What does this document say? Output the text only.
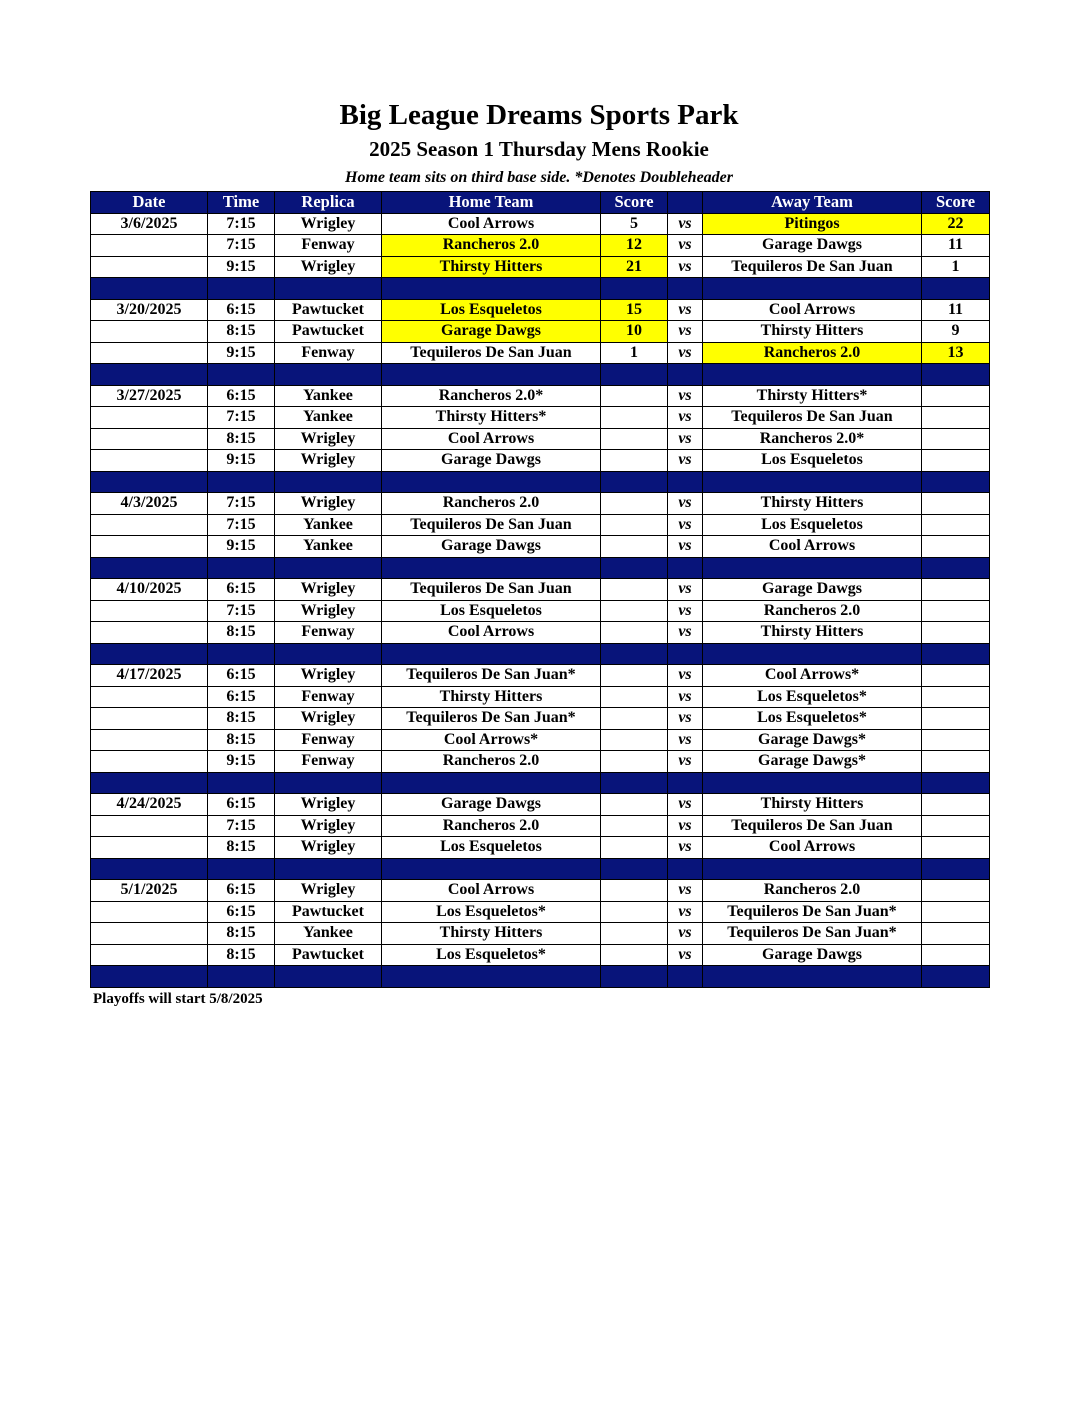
Big League Dreams Sports Park
2025 Season 1 Thursday Mens Rookie
Home team sits on third base side. *Denotes Doubleheader
Date	Time	Replica	Home Team	Score		Away Team	Score
3/6/2025	7:15	Wrigley	Cool Arrows	5	vs	Pitingos	22
	7:15	Fenway	Rancheros 2.0	12	vs	Garage Dawgs	11
	9:15	Wrigley	Thirsty Hitters	21	vs	Tequileros De San Juan	1

3/20/2025	6:15	Pawtucket	Los Esqueletos	15	vs	Cool Arrows	11
	8:15	Pawtucket	Garage Dawgs	10	vs	Thirsty Hitters	9
	9:15	Fenway	Tequileros De San Juan	1	vs	Rancheros 2.0	13

3/27/2025	6:15	Yankee	Rancheros 2.0*		vs	Thirsty Hitters*	
	7:15	Yankee	Thirsty Hitters*		vs	Tequileros De San Juan	
	8:15	Wrigley	Cool Arrows		vs	Rancheros 2.0*	
	9:15	Wrigley	Garage Dawgs		vs	Los Esqueletos	

4/3/2025	7:15	Wrigley	Rancheros 2.0		vs	Thirsty Hitters	
	7:15	Yankee	Tequileros De San Juan		vs	Los Esqueletos	
	9:15	Yankee	Garage Dawgs		vs	Cool Arrows	

4/10/2025	6:15	Wrigley	Tequileros De San Juan		vs	Garage Dawgs	
	7:15	Wrigley	Los Esqueletos		vs	Rancheros 2.0	
	8:15	Fenway	Cool Arrows		vs	Thirsty Hitters	

4/17/2025	6:15	Wrigley	Tequileros De San Juan*		vs	Cool Arrows*	
	6:15	Fenway	Thirsty Hitters		vs	Los Esqueletos*	
	8:15	Wrigley	Tequileros De San Juan*		vs	Los Esqueletos*	
	8:15	Fenway	Cool Arrows*		vs	Garage Dawgs*	
	9:15	Fenway	Rancheros 2.0		vs	Garage Dawgs*	

4/24/2025	6:15	Wrigley	Garage Dawgs		vs	Thirsty Hitters	
	7:15	Wrigley	Rancheros 2.0		vs	Tequileros De San Juan	
	8:15	Wrigley	Los Esqueletos		vs	Cool Arrows	

5/1/2025	6:15	Wrigley	Cool Arrows		vs	Rancheros 2.0	
	6:15	Pawtucket	Los Esqueletos*		vs	Tequileros De San Juan*	
	8:15	Yankee	Thirsty Hitters		vs	Tequileros De San Juan*	
	8:15	Pawtucket	Los Esqueletos*		vs	Garage Dawgs	

Playoffs will start 5/8/2025
